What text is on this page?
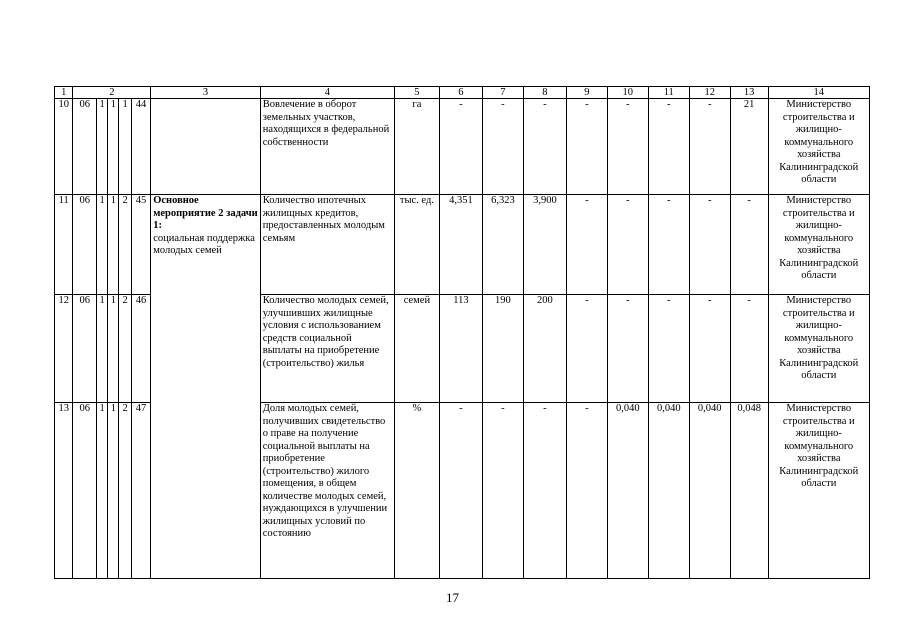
1	2					3	4	5	6	7	8	9	10	11	12	13	14
10	06	1	1	1	44		Вовлечение в оборот земельных участков, находящихся в федеральной собственности	га	-	-	-	-	-	-	-	21	Министерство строительства и жилищно-коммунального хозяйства Калининградской области
11	06	1	1	2	45	Основное мероприятие 2 задачи 1:
социальная поддержка молодых семей	Количество ипотечных жилищных кредитов, предоставленных молодым семьям	тыс. ед.	4,351	6,323	3,900	-	-	-	-	-	Министерство строительства и жилищно-коммунального хозяйства Калининградской области
12	06	1	1	2	46		Количество молодых семей, улучшивших жилищные условия с использованием средств социальной выплаты на приобретение (строительство) жилья	семей	113	190	200	-	-	-	-	-	Министерство строительства и жилищно-коммунального хозяйства Калининградской области
13	06	1	1	2	47		Доля молодых семей, получивших свидетельство о праве на получение социальной выплаты на приобретение (строительство) жилого помещения, в общем количестве молодых семей, нуждающихся в улучшении жилищных условий по состоянию	%	-	-	-	-	0,040	0,040	0,040	0,048	Министерство строительства и жилищно-коммунального хозяйства Калининградской области
17
